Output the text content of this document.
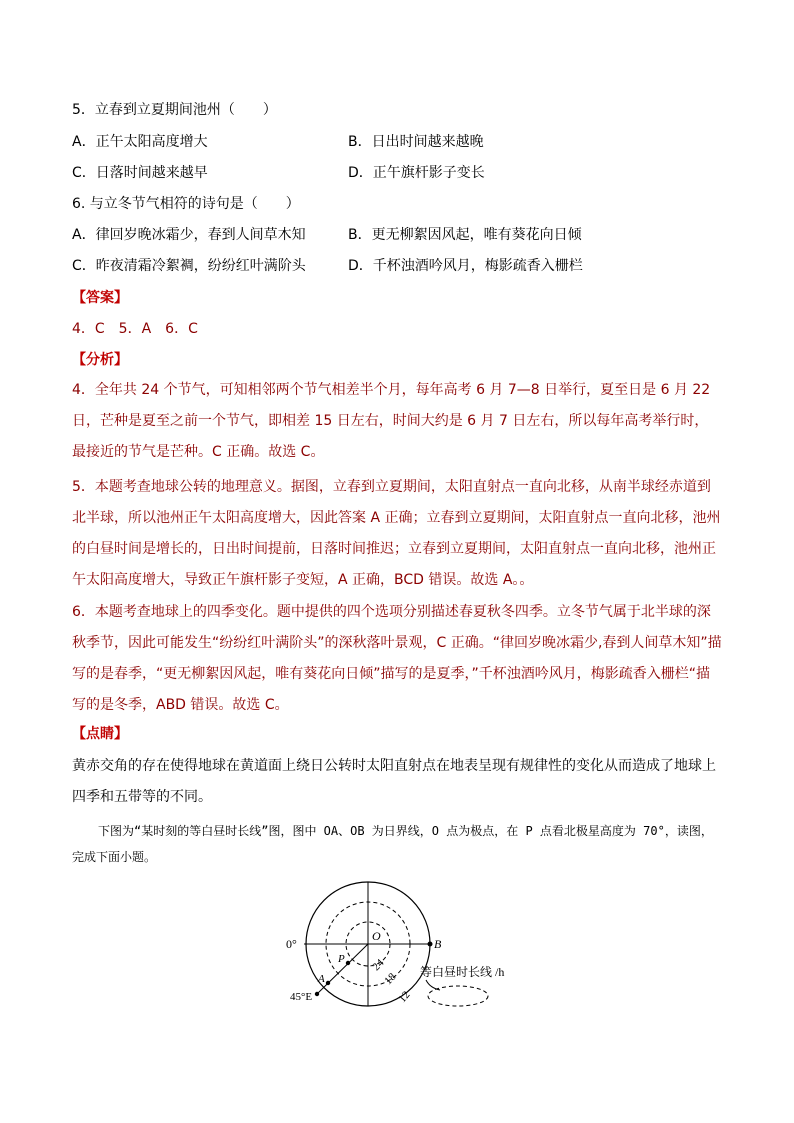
5．立春到立夏期间池州（　　）
A．正午太阳高度增大	B．日出时间越来越晚
C．日落时间越来越早	D．正午旗杆影子变长
6. 与立冬节气相符的诗句是（　　）
A．律回岁晚冰霜少，春到人间草木知	B．更无柳絮因风起，唯有葵花向日倾
C．昨夜清霜冷絮裯，纷纷红叶满阶头	D．千杯浊酒吟风月，梅影疏香入栅栏
【答案】
4．C　5．A　6．C
【分析】
4．全年共 24 个节气，可知相邻两个节气相差半个月，每年高考 6 月 7—8 日举行，夏至日是 6 月 22 日，芒种是夏至之前一个节气，即相差 15 日左右，时间大约是 6 月 7 日左右，所以每年高考举行时，最接近的节气是芒种。C 正确。故选 C。
5．本题考查地球公转的地理意义。据图，立春到立夏期间，太阳直射点一直向北移，从南半球经赤道到北半球，所以池州正午太阳高度增大，因此答案 A 正确；立春到立夏期间，太阳直射点一直向北移，池州的白昼时间是增长的，日出时间提前，日落时间推迟；立春到立夏期间，太阳直射点一直向北移，池州正午太阳高度增大，导致正午旗杆影子变短，A 正确，BCD 错误。故选 A。。
6．本题考查地球上的四季变化。题中提供的四个选项分别描述春夏秋冬四季。立冬节气属于北半球的深秋季节，因此可能发生“纷纷红叶满阶头”的深秋落叶景观，C 正确。“律回岁晚冰霜少,春到人间草木知”描写的是春季，“更无柳絮因风起，唯有葵花向日倾”描写的是夏季，”千杯浊酒吟风月，梅影疏香入栅栏“描写的是冬季，ABD 错误。故选 C。
【点睛】
黄赤交角的存在使得地球在黄道面上绕日公转时太阳直射点在地表呈现有规律性的变化从而造成了地球上四季和五带等的不同。
下图为“某时刻的等白昼时长线”图，图中 OA、OB 为日界线，O 点为极点，在 P 点看北极星高度为 70°，读图，完成下面小题。
0°
O
P
A
B
45°E
24
18
12
等白昼时长线 /h
